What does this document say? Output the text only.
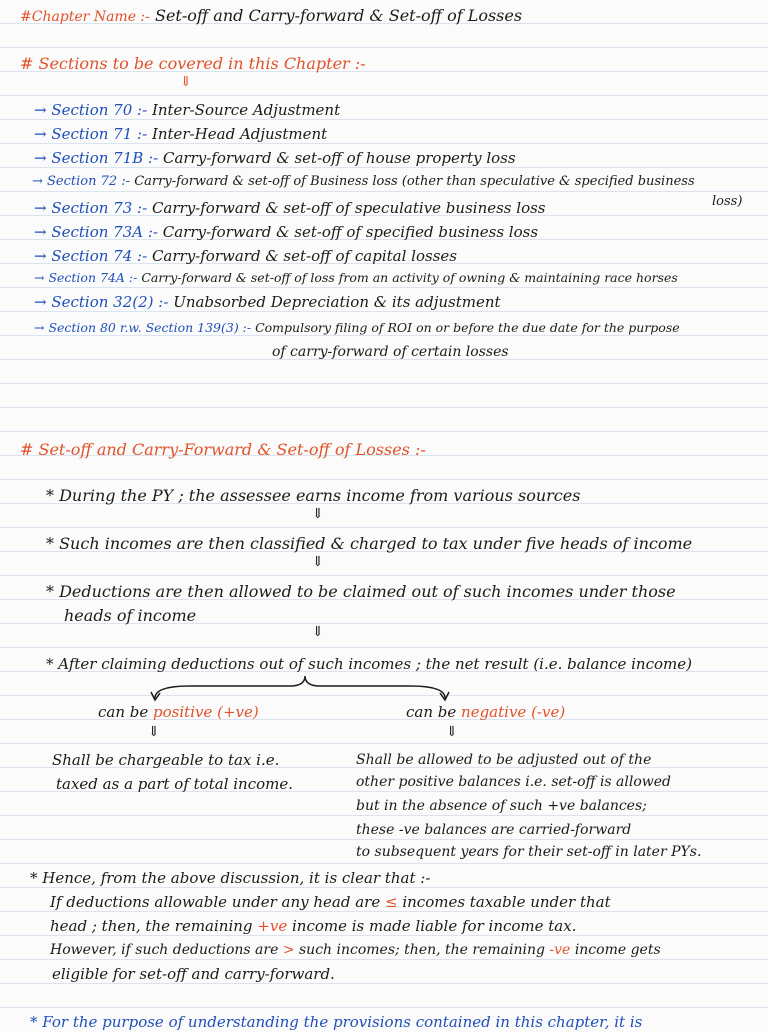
#Chapter Name :- Set-off and Carry-forward & Set-off of Losses
# Sections to be covered in this Chapter :-
⇓
→ Section 70 :- Inter-Source Adjustment
→ Section 71 :- Inter-Head Adjustment
→ Section 71B :- Carry-forward & set-off of house property loss
→ Section 72 :- Carry-forward & set-off of Business loss (other than speculative & specified business
loss)
→ Section 73 :- Carry-forward & set-off of speculative business loss
→ Section 73A :- Carry-forward & set-off of specified business loss
→ Section 74 :- Carry-forward & set-off of capital losses
→ Section 74A :- Carry-forward & set-off of loss from an activity of owning & maintaining race horses
→ Section 32(2) :- Unabsorbed Depreciation & its adjustment
→ Section 80 r.w. Section 139(3) :- Compulsory filing of ROI on or before the due date for the purpose
of carry-forward of certain losses
# Set-off and Carry-Forward & Set-off of Losses :-
* During the PY ; the assessee earns income from various sources
⇓
* Such incomes are then classified & charged to tax under five heads of income
⇓
* Deductions are then allowed to be claimed out of such incomes under those
heads of income
⇓
* After claiming deductions out of such incomes ; the net result (i.e. balance income)
can be positive (+ve)	can be negative (-ve)
⇓	⇓
Shall be chargeable to tax i.e.
taxed as a part of total income.
Shall be allowed to be adjusted out of the
other positive balances i.e. set-off is allowed
but in the absence of such +ve balances;
these -ve balances are carried-forward
to subsequent years for their set-off in later PYs.
* Hence, from the above discussion, it is clear that :-
If deductions allowable under any head are ≤ incomes taxable under that
head ; then, the remaining +ve income is made liable for income tax.
However, if such deductions are > such incomes; then, the remaining -ve income gets
eligible for set-off and carry-forward.
* For the purpose of understanding the provisions contained in this chapter, it is
